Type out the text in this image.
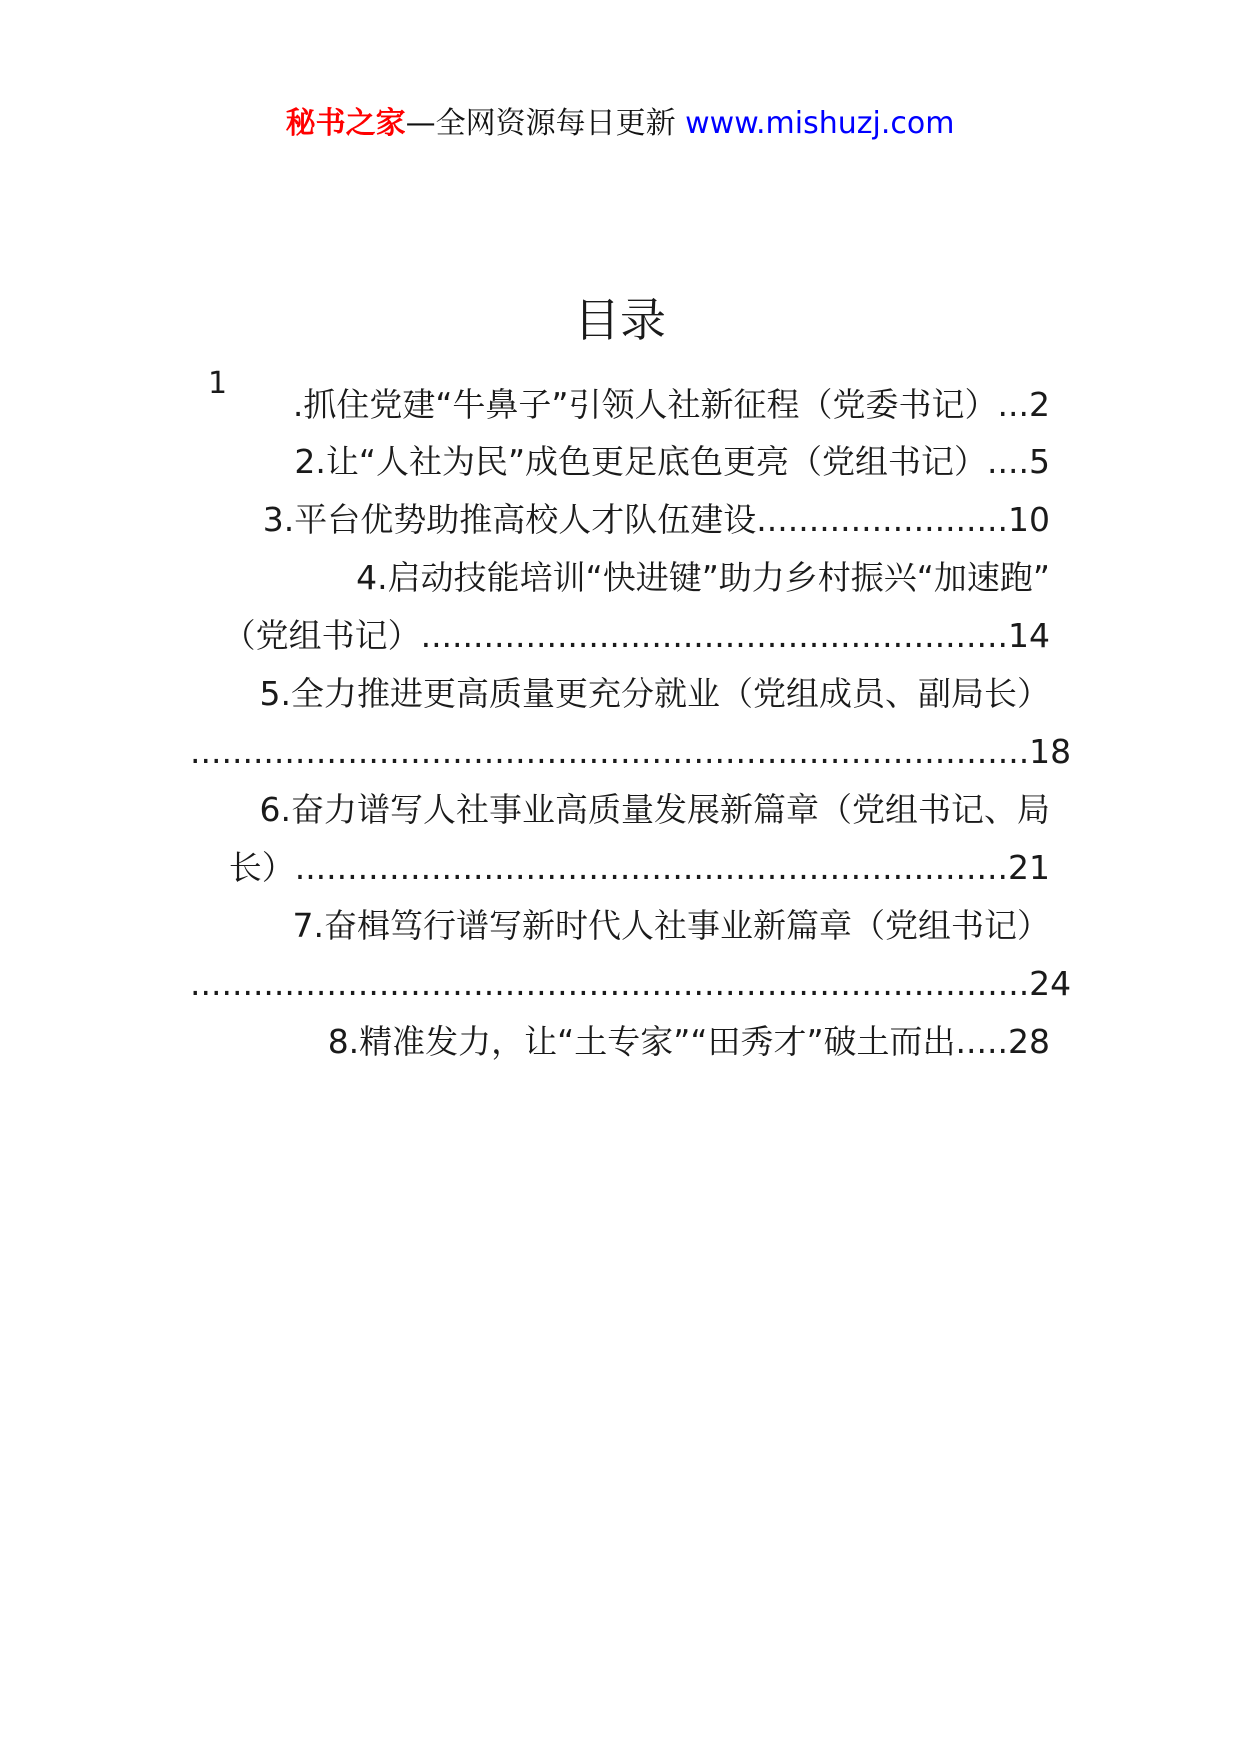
秘书之家—全网资源每日更新 www.mishuzj.com
目录
1
.抓住党建“牛鼻子”引领人社新征程（党委书记）...2
2.让“人社为民”成色更足底色更亮（党组书记）....5
3.平台优势助推高校人才队伍建设........................10
4.启动技能培训“快进键”助力乡村振兴“加速跑”
（党组书记）........................................................14
5.全力推进更高质量更充分就业（党组成员、副局长）
................................................................................18
6.奋力谱写人社事业高质量发展新篇章（党组书记、局
长）....................................................................21
7.奋楫笃行谱写新时代人社事业新篇章（党组书记）
................................................................................24
8.精准发力，让“土专家”“田秀才”破土而出.....28
